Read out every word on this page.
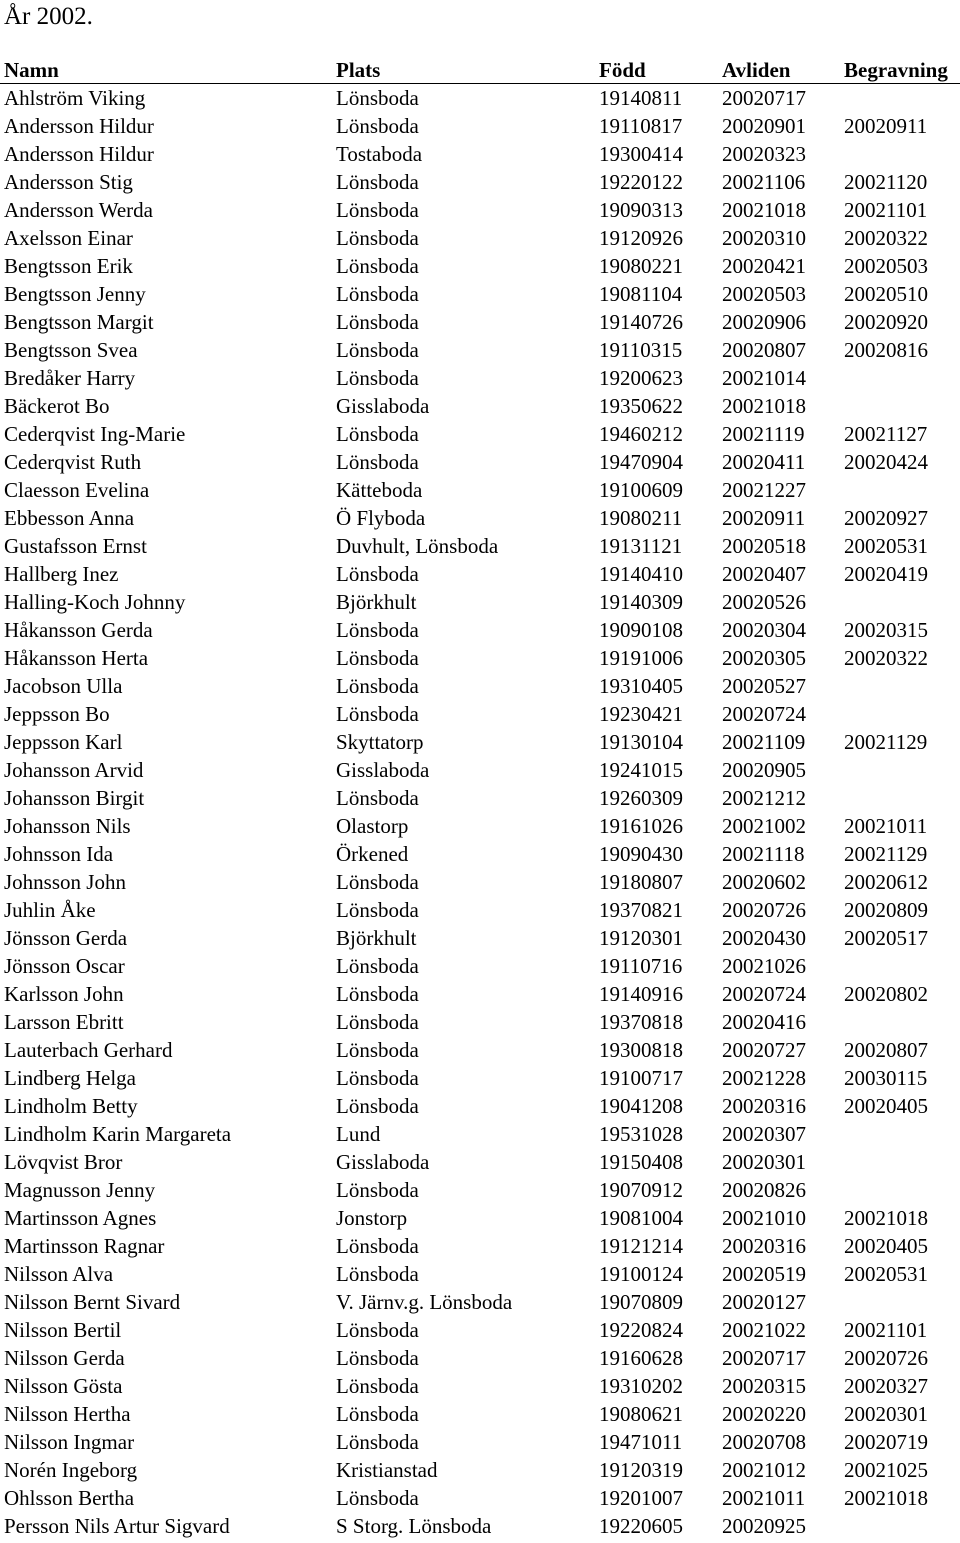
År 2002.
Namn	Plats	Född	Avliden	Begravning
Ahlström Viking	Lönsboda	19140811 20020717
Andersson Hildur	Lönsboda	19110817 20020901 20020911
Andersson Hildur	Tostaboda	19300414 20020323
Andersson Stig	Lönsboda	19220122 20021106 20021120
Andersson Werda	Lönsboda	19090313 20021018 20021101
Axelsson Einar	Lönsboda	19120926 20020310 20020322
Bengtsson Erik	Lönsboda	19080221 20020421 20020503
Bengtsson Jenny	Lönsboda	19081104 20020503 20020510
Bengtsson Margit	Lönsboda	19140726 20020906 20020920
Bengtsson Svea	Lönsboda	19110315 20020807 20020816
Bredåker Harry	Lönsboda	19200623 20021014
Bäckerot Bo	Gisslaboda	19350622 20021018
Cederqvist Ing-Marie	Lönsboda	19460212 20021119 20021127
Cederqvist Ruth	Lönsboda	19470904 20020411 20020424
Claesson Evelina	Kätteboda	19100609 20021227
Ebbesson Anna	Ö Flyboda	19080211 20020911 20020927
Gustafsson Ernst	Duvhult, Lönsboda	19131121 20020518 20020531
Hallberg Inez	Lönsboda	19140410 20020407 20020419
Halling-Koch Johnny	Björkhult	19140309 20020526
Håkansson Gerda	Lönsboda	19090108 20020304 20020315
Håkansson Herta	Lönsboda	19191006 20020305 20020322
Jacobson Ulla	Lönsboda	19310405 20020527
Jeppsson Bo	Lönsboda	19230421 20020724
Jeppsson Karl	Skyttatorp	19130104 20021109 20021129
Johansson Arvid	Gisslaboda	19241015 20020905
Johansson Birgit	Lönsboda	19260309 20021212
Johansson Nils	Olastorp	19161026 20021002 20021011
Johnsson Ida	Örkened	19090430 20021118 20021129
Johnsson John	Lönsboda	19180807 20020602 20020612
Juhlin Åke	Lönsboda	19370821 20020726 20020809
Jönsson Gerda	Björkhult	19120301 20020430 20020517
Jönsson Oscar	Lönsboda	19110716 20021026
Karlsson John	Lönsboda	19140916 20020724 20020802
Larsson Ebritt	Lönsboda	19370818 20020416
Lauterbach Gerhard	Lönsboda	19300818 20020727 20020807
Lindberg Helga	Lönsboda	19100717 20021228 20030115
Lindholm Betty	Lönsboda	19041208 20020316 20020405
Lindholm Karin Margareta	Lund	19531028 20020307
Lövqvist Bror	Gisslaboda	19150408 20020301
Magnusson Jenny	Lönsboda	19070912 20020826
Martinsson Agnes	Jonstorp	19081004 20021010 20021018
Martinsson Ragnar	Lönsboda	19121214 20020316 20020405
Nilsson Alva	Lönsboda	19100124 20020519 20020531
Nilsson Bernt Sivard	V. Järnv.g. Lönsboda	19070809 20020127
Nilsson Bertil	Lönsboda	19220824 20021022 20021101
Nilsson Gerda	Lönsboda	19160628 20020717 20020726
Nilsson Gösta	Lönsboda	19310202 20020315 20020327
Nilsson Hertha	Lönsboda	19080621 20020220 20020301
Nilsson Ingmar	Lönsboda	19471011 20020708 20020719
Norén Ingeborg	Kristianstad	19120319 20021012 20021025
Ohlsson Bertha	Lönsboda	19201007 20021011 20021018
Persson Nils Artur Sigvard	S Storg. Lönsboda	19220605 20020925
